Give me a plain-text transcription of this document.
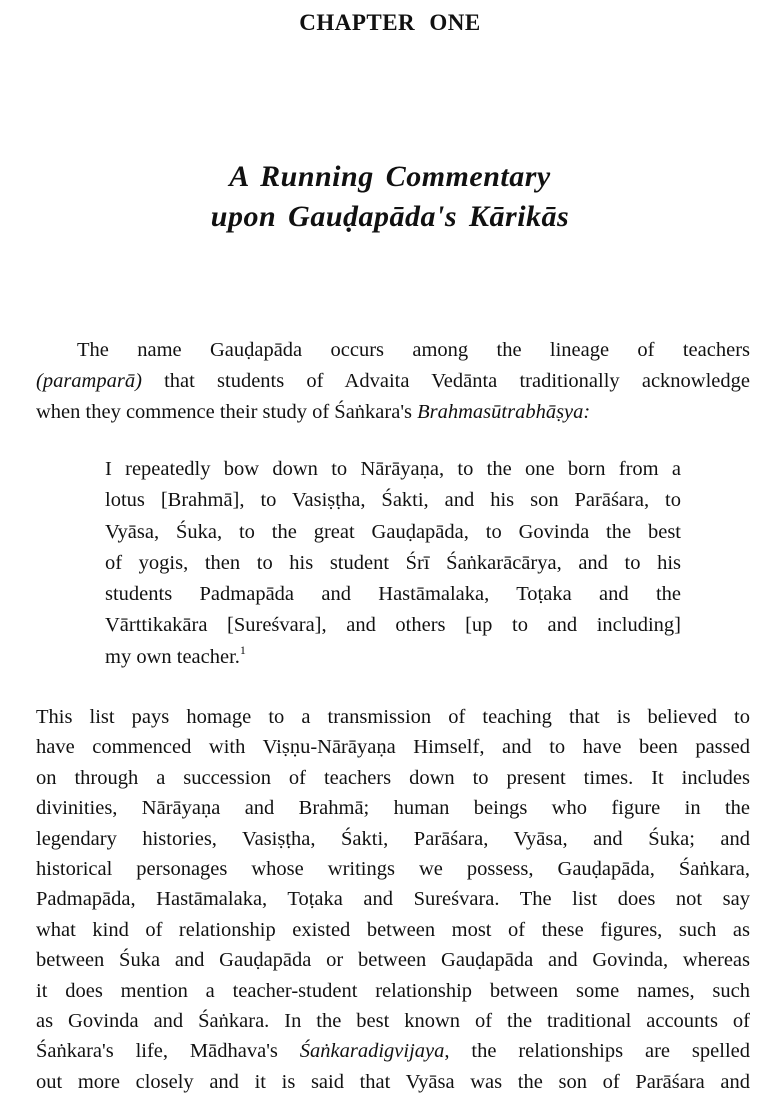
CHAPTER ONE
A Running Commentary
upon Gauḍapāda's Kārikās
The name Gauḍapāda occurs among the lineage of teachers
(paramparā) that students of Advaita Vedānta traditionally acknowledge
when they commence their study of Śaṅkara's Brahmasūtrabhāṣya:
I repeatedly bow down to Nārāyaṇa, to the one born from a
lotus [Brahmā], to Vasiṣṭha, Śakti, and his son Parāśara, to
Vyāsa, Śuka, to the great Gauḍapāda, to Govinda the best
of yogis, then to his student Śrī Śaṅkarācārya, and to his
students Padmapāda and Hastāmalaka, Toṭaka and the
Vārttikakāra [Sureśvara], and others [up to and including]
my own teacher.$^1$
This list pays homage to a transmission of teaching that is believed to
have commenced with Viṣṇu-Nārāyaṇa Himself, and to have been passed
on through a succession of teachers down to present times. It includes
divinities, Nārāyaṇa and Brahmā; human beings who figure in the
legendary histories, Vasiṣṭha, Śakti, Parāśara, Vyāsa, and Śuka; and
historical personages whose writings we possess, Gauḍapāda, Śaṅkara,
Padmapāda, Hastāmalaka, Toṭaka and Sureśvara. The list does not say
what kind of relationship existed between most of these figures, such as
between Śuka and Gauḍapāda or between Gauḍapāda and Govinda, whereas
it does mention a teacher-student relationship between some names, such
as Govinda and Śaṅkara. In the best known of the traditional accounts of
Śaṅkara's life, Mādhava's Śaṅkaradigvijaya, the relationships are spelled
out more closely and it is said that Vyāsa was the son of Parāśara and
